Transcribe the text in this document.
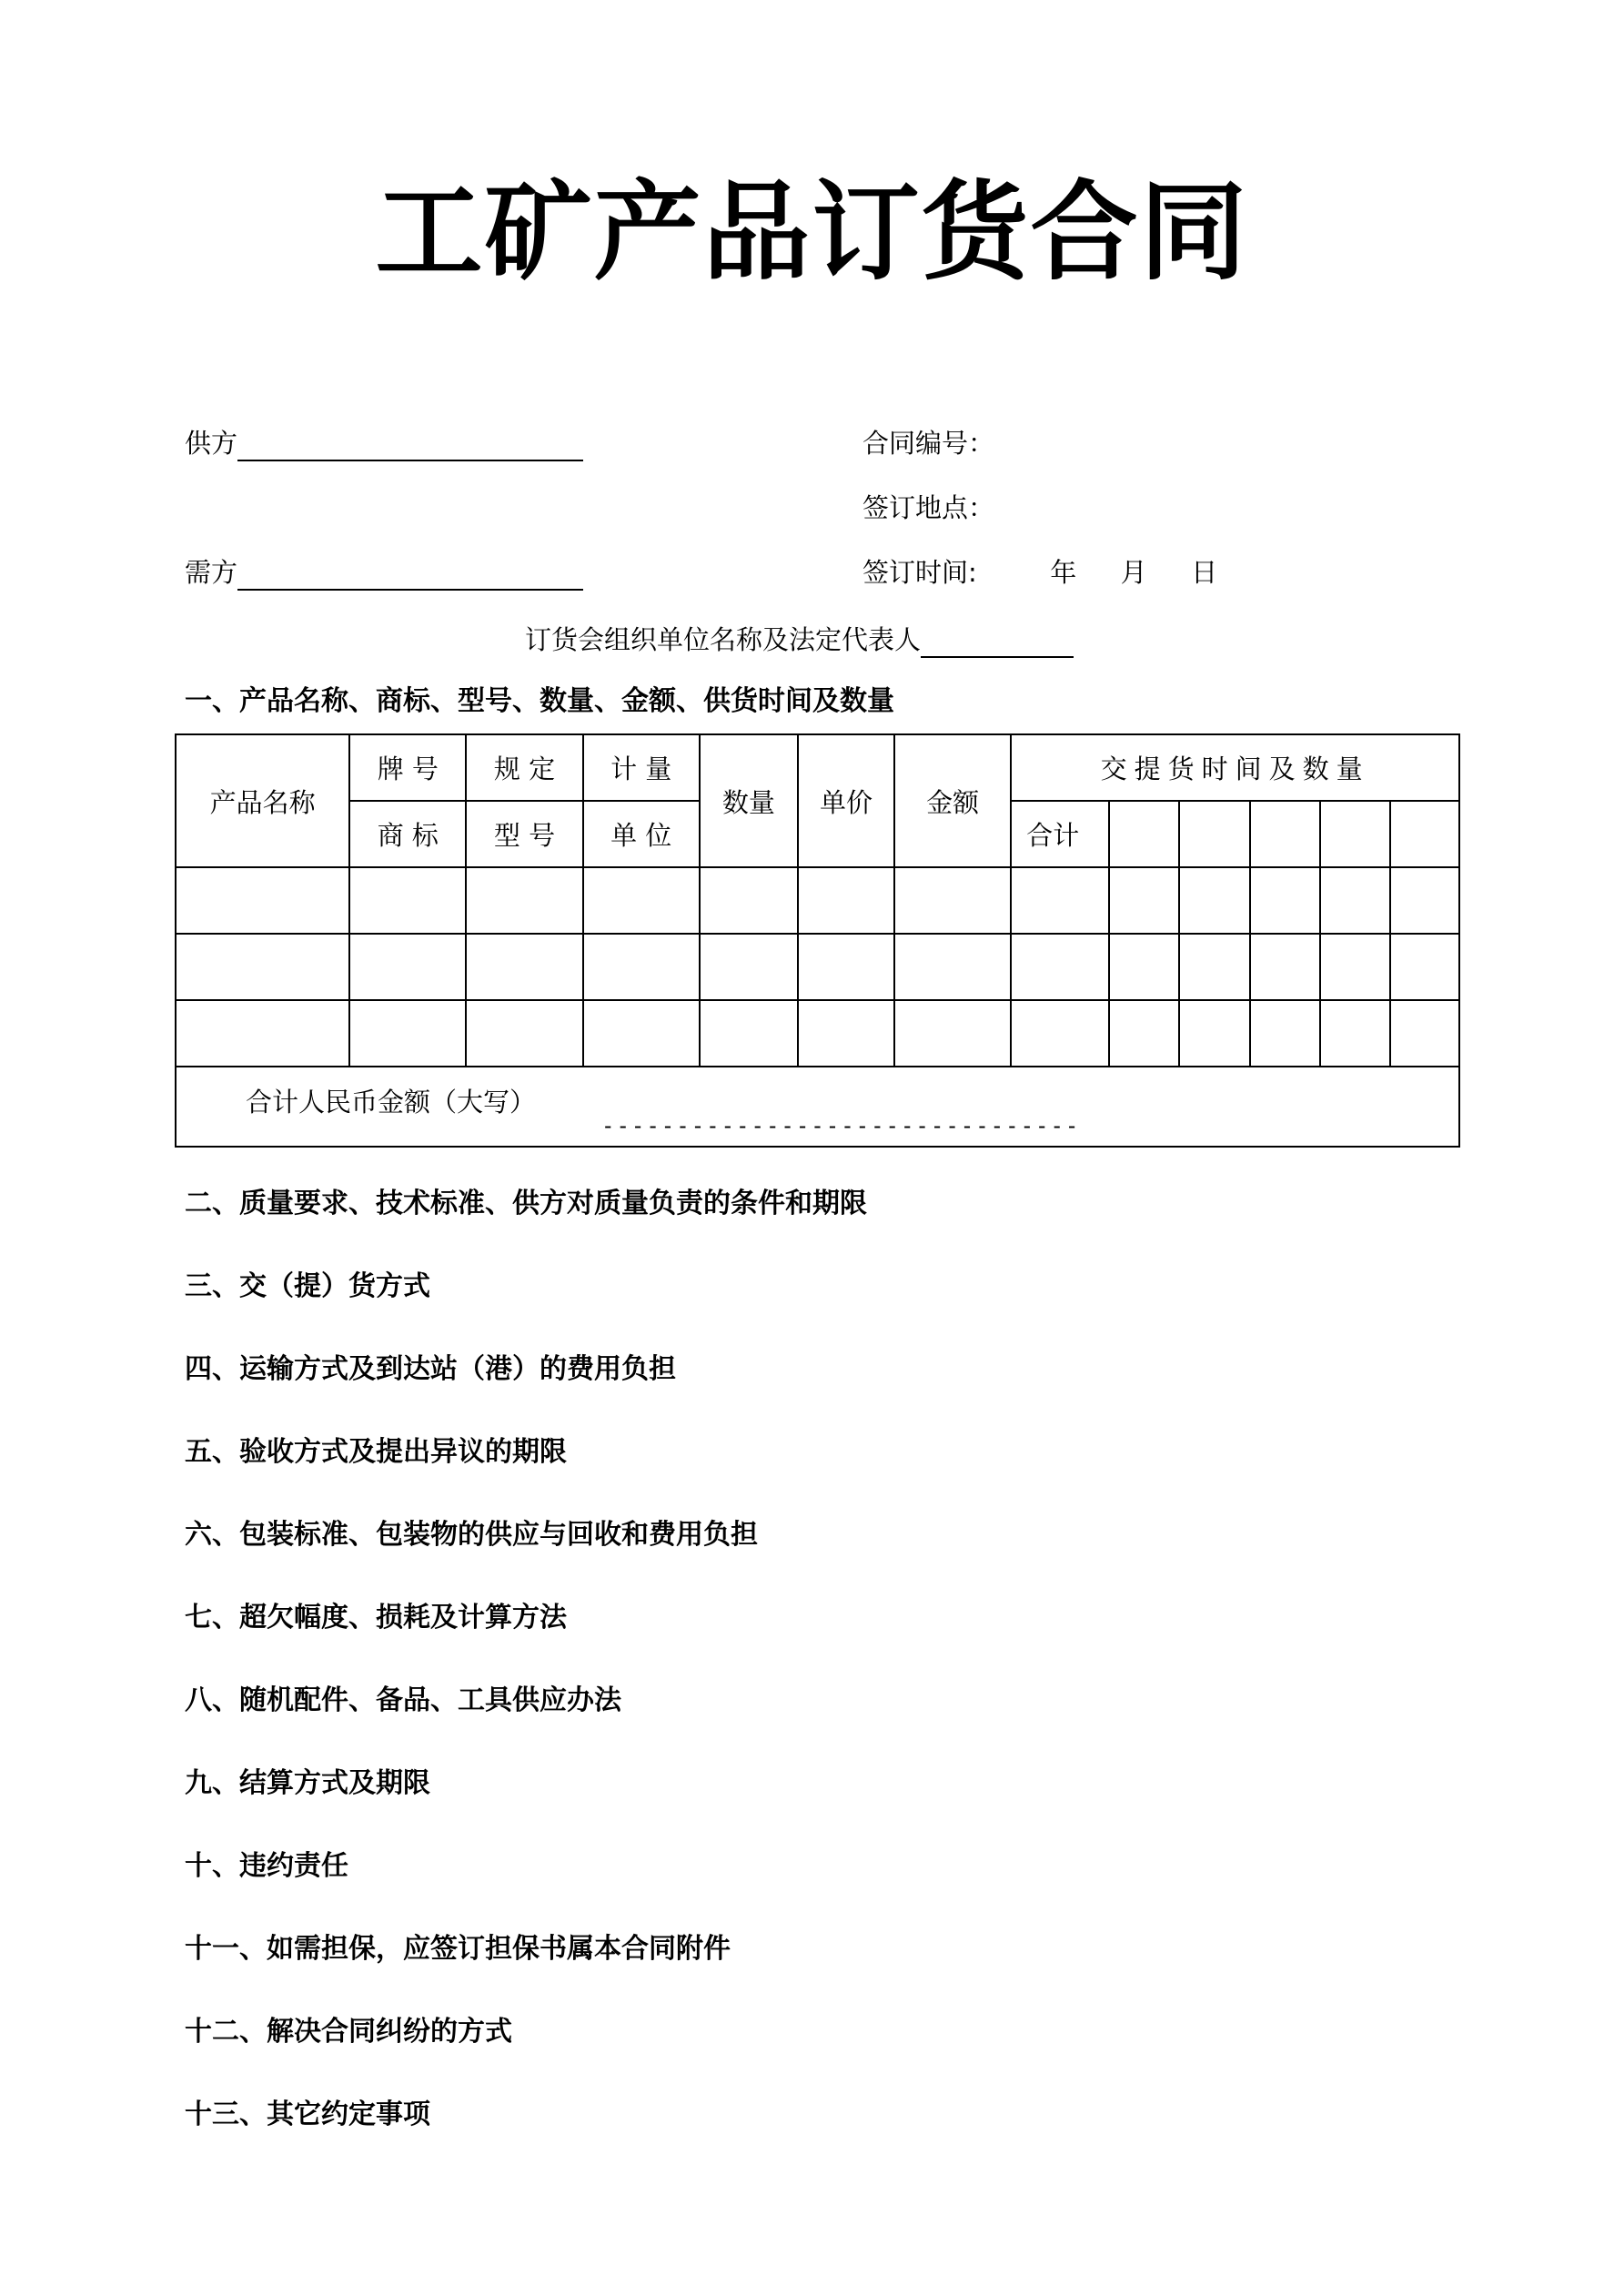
工矿产品订货合同
供方
需方
合同编号：
签订地点：
签订时间:	年 月 日
订货会组织单位名称及法定代表人
一、产品名称、商标、型号、数量、金额、供货时间及数量
产品名称	牌 号	规 定	计 量	数量	单价	金额	交提货时间及数量					
	商 标	型 号	单 位				合计					

合计人民币金额（大写）												
--------------------------------
二、质量要求、技术标准、供方对质量负责的条件和期限
三、交（提）货方式
四、运输方式及到达站（港）的费用负担
五、验收方式及提出异议的期限
六、包装标准、包装物的供应与回收和费用负担
七、超欠幅度、损耗及计算方法
八、随机配件、备品、工具供应办法
九、结算方式及期限
十、违约责任
十一、如需担保，应签订担保书属本合同附件
十二、解决合同纠纷的方式
十三、其它约定事项
